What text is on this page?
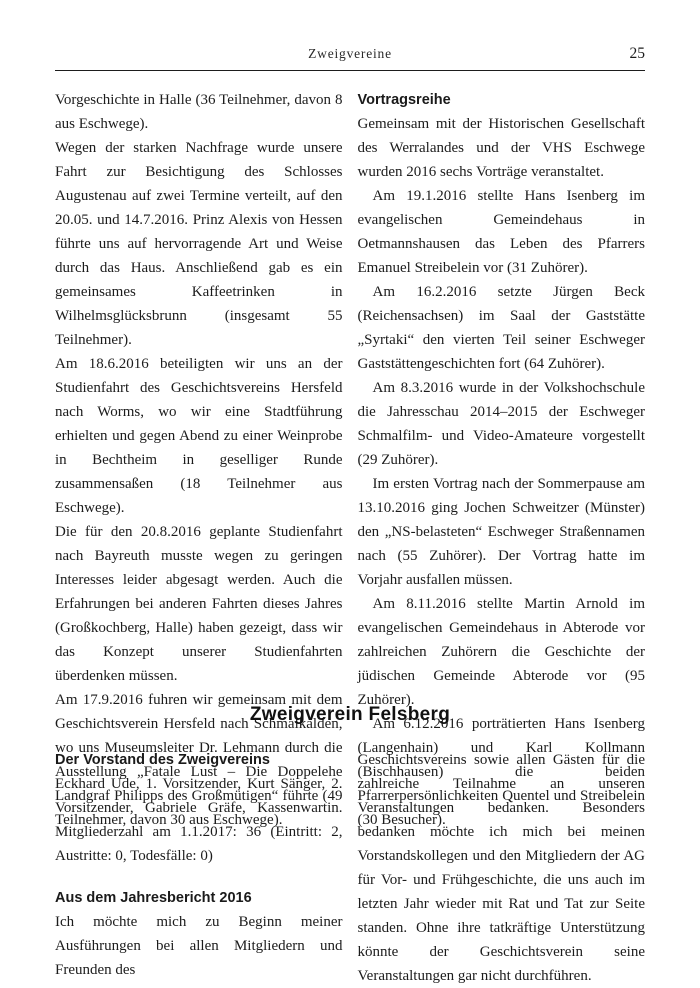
Zweigvereine	25

Vorgeschichte in Halle (36 Teilnehmer, davon 8 aus Eschwege).

Wegen der starken Nachfrage wurde unsere Fahrt zur Besichtigung des Schlosses Augustenau auf zwei Termine verteilt, auf den 20.05. und 14.7.2016. Prinz Alexis von Hessen führte uns auf hervorragende Art und Weise durch das Haus. Anschließend gab es ein gemeinsames Kaffeetrinken in Wilhelmsglücksbrunn (insgesamt 55 Teilnehmer).

Am 18.6.2016 beteiligten wir uns an der Studienfahrt des Geschichtsvereins Hersfeld nach Worms, wo wir eine Stadtführung erhielten und gegen Abend zu einer Weinprobe in Bechtheim in geselliger Runde zusammensaßen (18 Teilnehmer aus Eschwege).

Die für den 20.8.2016 geplante Studienfahrt nach Bayreuth musste wegen zu geringen Interesses leider abgesagt werden. Auch die Erfahrungen bei anderen Fahrten dieses Jahres (Großkochberg, Halle) haben gezeigt, dass wir das Konzept unserer Studienfahrten überdenken müssen.

Am 17.9.2016 fuhren wir gemeinsam mit dem Geschichtsverein Hersfeld nach Schmalkalden, wo uns Museumsleiter Dr. Lehmann durch die Ausstellung „Fatale Lust – Die Doppelehe Landgraf Philipps des Großmütigen“ führte (49 Teilnehmer, davon 30 aus Eschwege).

Vortragsreihe

Gemeinsam mit der Historischen Gesellschaft des Werralandes und der VHS Eschwege wurden 2016 sechs Vorträge veranstaltet.

Am 19.1.2016 stellte Hans Isenberg im evangelischen Gemeindehaus in Oetmannshausen das Leben des Pfarrers Emanuel Streibelein vor (31 Zuhörer).

Am 16.2.2016 setzte Jürgen Beck (Reichensachsen) im Saal der Gaststätte „Syrtaki“ den vierten Teil seiner Eschweger Gaststättengeschichten fort (64 Zuhörer).

Am 8.3.2016 wurde in der Volkshochschule die Jahresschau 2014–2015 der Eschweger Schmalfilm- und Video-Amateure vorgestellt (29 Zuhörer).

Im ersten Vortrag nach der Sommerpause am 13.10.2016 ging Jochen Schweitzer (Münster) den „NS-belasteten“ Eschweger Straßennamen nach (55 Zuhörer). Der Vortrag hatte im Vorjahr ausfallen müssen.

Am 8.11.2016 stellte Martin Arnold im evangelischen Gemeindehaus in Abterode vor zahlreichen Zuhörern die Geschichte der jüdischen Gemeinde Abterode vor (95 Zuhörer).

Am 6.12.2016 porträtierten Hans Isenberg (Langenhain) und Karl Kollmann (Bischhausen) die beiden Pfarrerpersönlichkeiten Quentel und Streibelein (30 Besucher).

Zweigverein Felsberg
Der Vorstand des Zweigvereins

Eckhard Ude, 1. Vorsitzender, Kurt Sänger, 2. Vorsitzender, Gabriele Gräfe, Kassenwartin. Mitgliederzahl am 1.1.2017: 36 (Eintritt: 2, Austritte: 0, Todesfälle: 0)

Aus dem Jahresbericht 2016

Ich möchte mich zu Beginn meiner Ausführungen bei allen Mitgliedern und Freunden des

Geschichtsvereins sowie allen Gästen für die zahlreiche Teilnahme an unseren Veranstaltungen bedanken. Besonders bedanken möchte ich mich bei meinen Vorstandskollegen und den Mitgliedern der AG für Vor- und Frühgeschichte, die uns auch im letzten Jahr wieder mit Rat und Tat zur Seite standen. Ohne ihre tatkräftige Unterstützung könnte der Geschichtsverein seine Veranstaltungen gar nicht durchführen.
